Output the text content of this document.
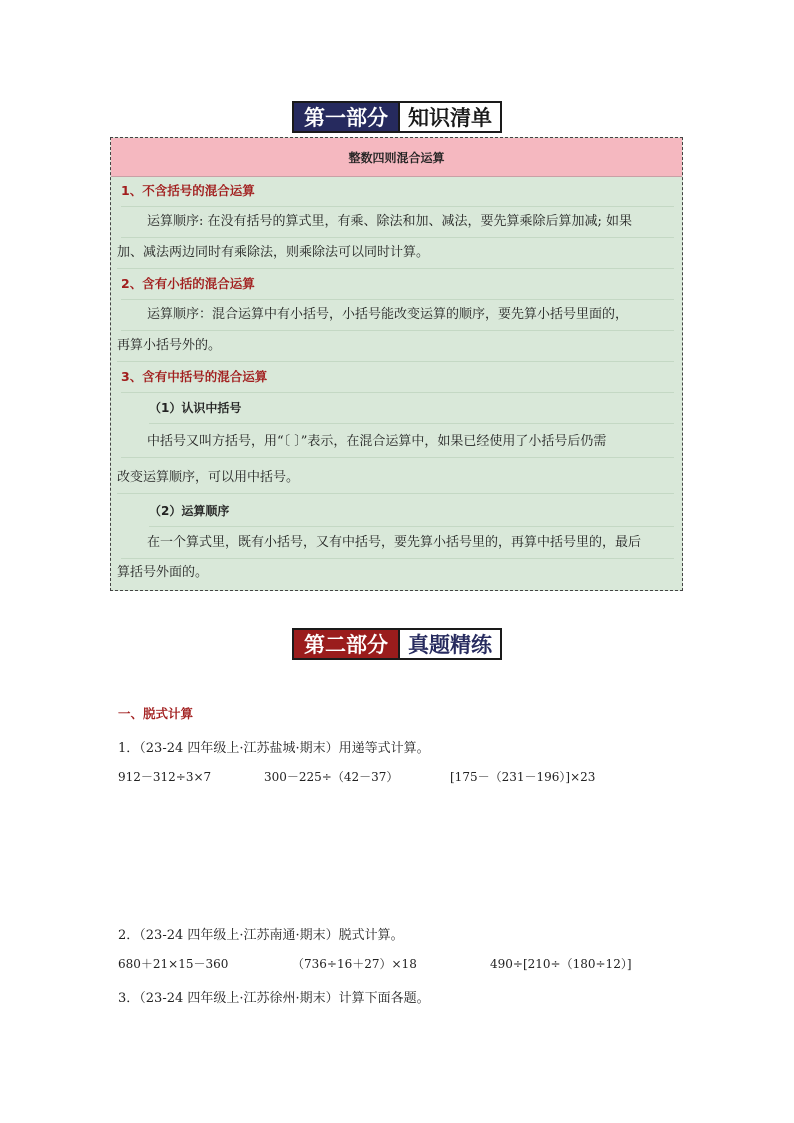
第一部分 知识清单
整数四则混合运算
1、不含括号的混合运算
运算顺序: 在没有括号的算式里，有乘、除法和加、减法，要先算乘除后算加减; 如果
加、减法两边同时有乘除法，则乘除法可以同时计算。
2、含有小括的混合运算
运算顺序：混合运算中有小括号，小括号能改变运算的顺序，要先算小括号里面的，
再算小括号外的。
3、含有中括号的混合运算
（1）认识中括号
中括号又叫方括号，用“〔 〕”表示，在混合运算中，如果已经使用了小括号后仍需
改变运算顺序，可以用中括号。
（2）运算顺序
在一个算式里，既有小括号，又有中括号，要先算小括号里的，再算中括号里的，最后
算括号外面的。
第二部分 真题精练
一、脱式计算
1．（23-24 四年级上·江苏盐城·期末）用递等式计算。
912－312÷3×7	300－225÷（42－37）	[175－（231－196）]×23
2．（23-24 四年级上·江苏南通·期末）脱式计算。
680＋21×15－360	（736÷16＋27）×18	490÷[210÷（180÷12）]
3．（23-24 四年级上·江苏徐州·期末）计算下面各题。
